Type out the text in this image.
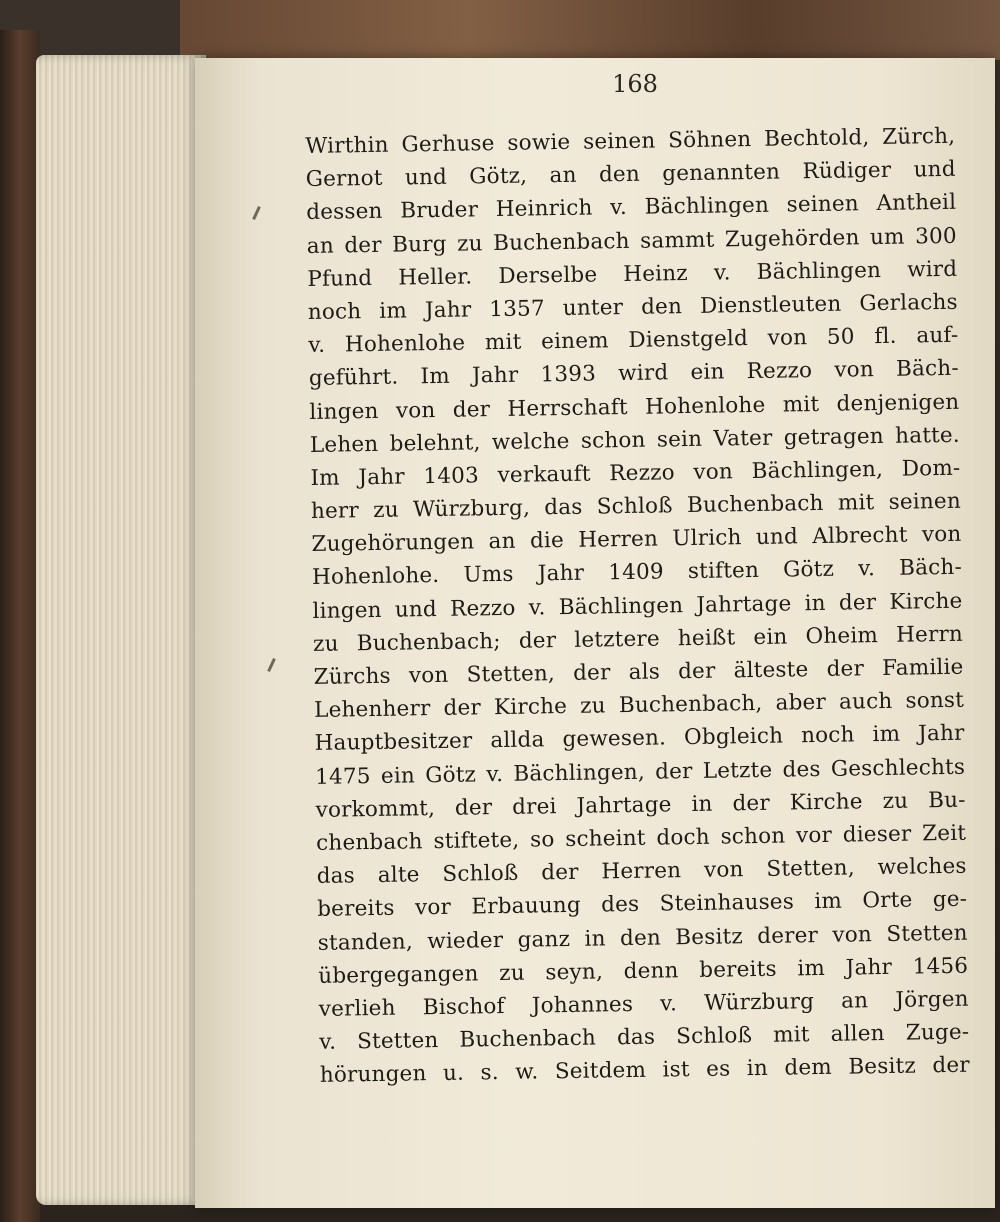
168
Wirthin Gerhuse sowie seinen Söhnen Bechtold, Zürch,
Gernot und Götz, an den genannten Rüdiger und
dessen Bruder Heinrich v. Bächlingen seinen Antheil
an der Burg zu Buchenbach sammt Zugehörden um 300
Pfund Heller. Derselbe Heinz v. Bächlingen wird
noch im Jahr 1357 unter den Dienstleuten Gerlachs
v. Hohenlohe mit einem Dienstgeld von 50 fl. auf-
geführt. Im Jahr 1393 wird ein Rezzo von Bäch-
lingen von der Herrschaft Hohenlohe mit denjenigen
Lehen belehnt, welche schon sein Vater getragen hatte.
Im Jahr 1403 verkauft Rezzo von Bächlingen, Dom-
herr zu Würzburg, das Schloß Buchenbach mit seinen
Zugehörungen an die Herren Ulrich und Albrecht von
Hohenlohe. Ums Jahr 1409 stiften Götz v. Bäch-
lingen und Rezzo v. Bächlingen Jahrtage in der Kirche
zu Buchenbach; der letztere heißt ein Oheim Herrn
Zürchs von Stetten, der als der älteste der Familie
Lehenherr der Kirche zu Buchenbach, aber auch sonst
Hauptbesitzer allda gewesen. Obgleich noch im Jahr
1475 ein Götz v. Bächlingen, der Letzte des Geschlechts
vorkommt, der drei Jahrtage in der Kirche zu Bu-
chenbach stiftete, so scheint doch schon vor dieser Zeit
das alte Schloß der Herren von Stetten, welches
bereits vor Erbauung des Steinhauses im Orte ge-
standen, wieder ganz in den Besitz derer von Stetten
übergegangen zu seyn, denn bereits im Jahr 1456
verlieh Bischof Johannes v. Würzburg an Jörgen
v. Stetten Buchenbach das Schloß mit allen Zuge-
hörungen u. s. w. Seitdem ist es in dem Besitz der
